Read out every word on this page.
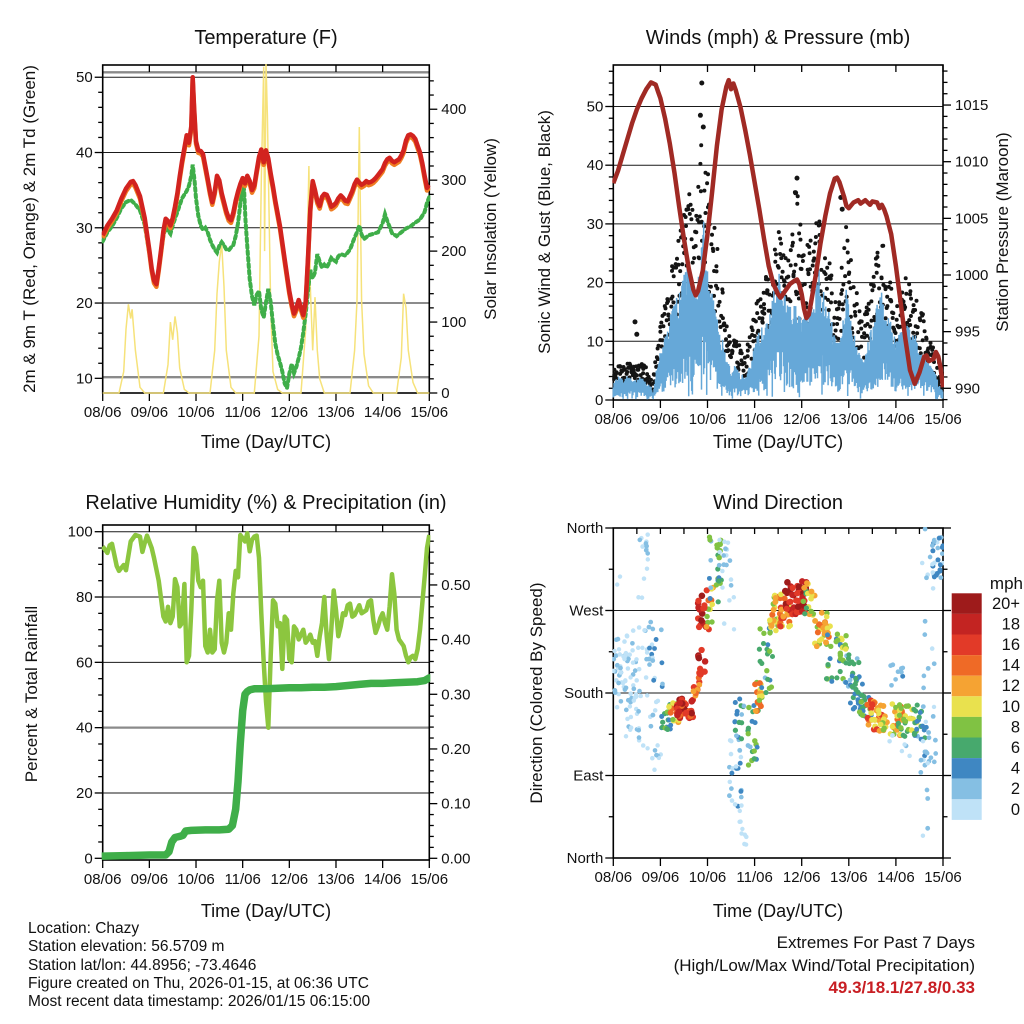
08/06 09/06 10/06 11/06 12/06 13/06 14/06 15/06
10
20
30
40
50
0
100
200
300
400
08/06 09/06 10/06 11/06 12/06 13/06 14/06 15/06
0
10
20
30
40
50
990
995
1000
1005
1010
1015
08/06 09/06 10/06 11/06 12/06 13/06 14/06 15/06
0
20
40
60
80
100
0.00
0.10
0.20
0.30
0.40
0.50
08/06 09/06 10/06 11/06 12/06 13/06 14/06 15/06
North
West
South
East
North
mph
20+
18
16
14
12
10
8
6
4
2
0
Temperature (F)	Winds (mph) & Pressure (mb)
Relative Humidity (%) & Precipitation (in)	Wind Direction
Time (Day/UTC)	Time (Day/UTC)
Time (Day/UTC)	Time (Day/UTC)
2m & 9m T (Red, Orange) & 2m Td (Green)	Solar Insolation (Yellow) Sonic Wind & Gust (Blue, Black)	Station Pressure (Maroon)
Percent & Total Rainfall	Direction (Colored By Speed)
Location: Chazy
Station elevation: 56.5709 m
Station lat/lon: 44.8956; -73.4646
Figure created on Thu, 2026-01-15, at 06:36 UTC
Most recent data timestamp: 2026/01/15 06:15:00
Extremes For Past 7 Days
(High/Low/Max Wind/Total Precipitation)
49.3/18.1/27.8/0.33
